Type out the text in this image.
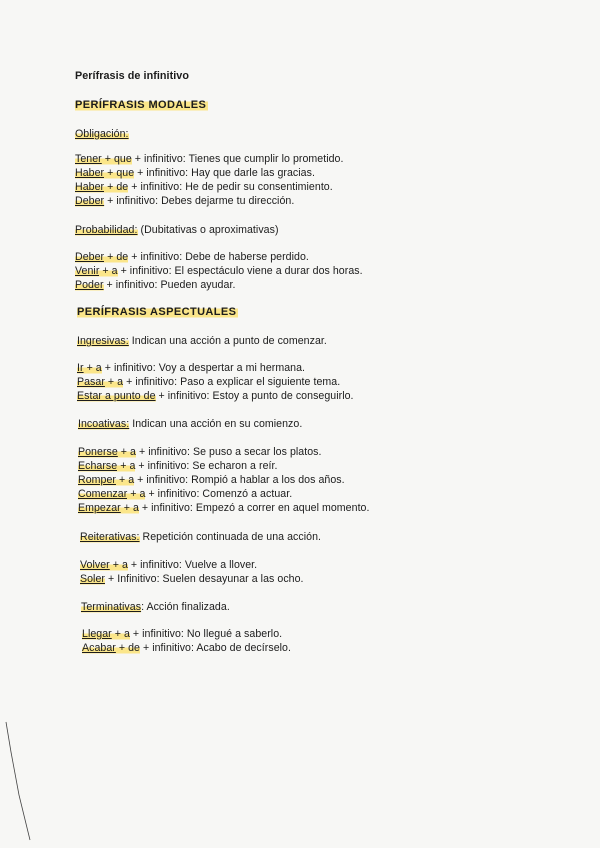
Perífrasis de infinitivo
PERÍFRASIS MODALES
Obligación:
Tener + que + infinitivo: Tienes que cumplir lo prometido.
Haber + que + infinitivo: Hay que darle las gracias.
Haber + de + infinitivo: He de pedir su consentimiento.
Deber + infinitivo: Debes dejarme tu dirección.
Probabilidad: (Dubitativas o aproximativas)
Deber + de + infinitivo: Debe de haberse perdido.
Venir + a + infinitivo: El espectáculo viene a durar dos horas.
Poder + infinitivo: Pueden ayudar.
PERÍFRASIS ASPECTUALES
Ingresivas: Indican una acción a punto de comenzar.
Ir + a + infinitivo: Voy a despertar a mi hermana.
Pasar + a + infinitivo: Paso a explicar el siguiente tema.
Estar a punto de + infinitivo: Estoy a punto de conseguirlo.
Incoativas: Indican una acción en su comienzo.
Ponerse + a + infinitivo: Se puso a secar los platos.
Echarse + a + infinitivo: Se echaron a reír.
Romper + a + infinitivo: Rompió a hablar a los dos años.
Comenzar + a + infinitivo: Comenzó a actuar.
Empezar + a + infinitivo: Empezó a correr en aquel momento.
Reiterativas: Repetición continuada de una acción.
Volver + a + infinitivo: Vuelve a llover.
Soler + Infinitivo: Suelen desayunar a las ocho.
Terminativas: Acción finalizada.
Llegar + a + infinitivo: No llegué a saberlo.
Acabar + de + infinitivo: Acabo de decírselo.
